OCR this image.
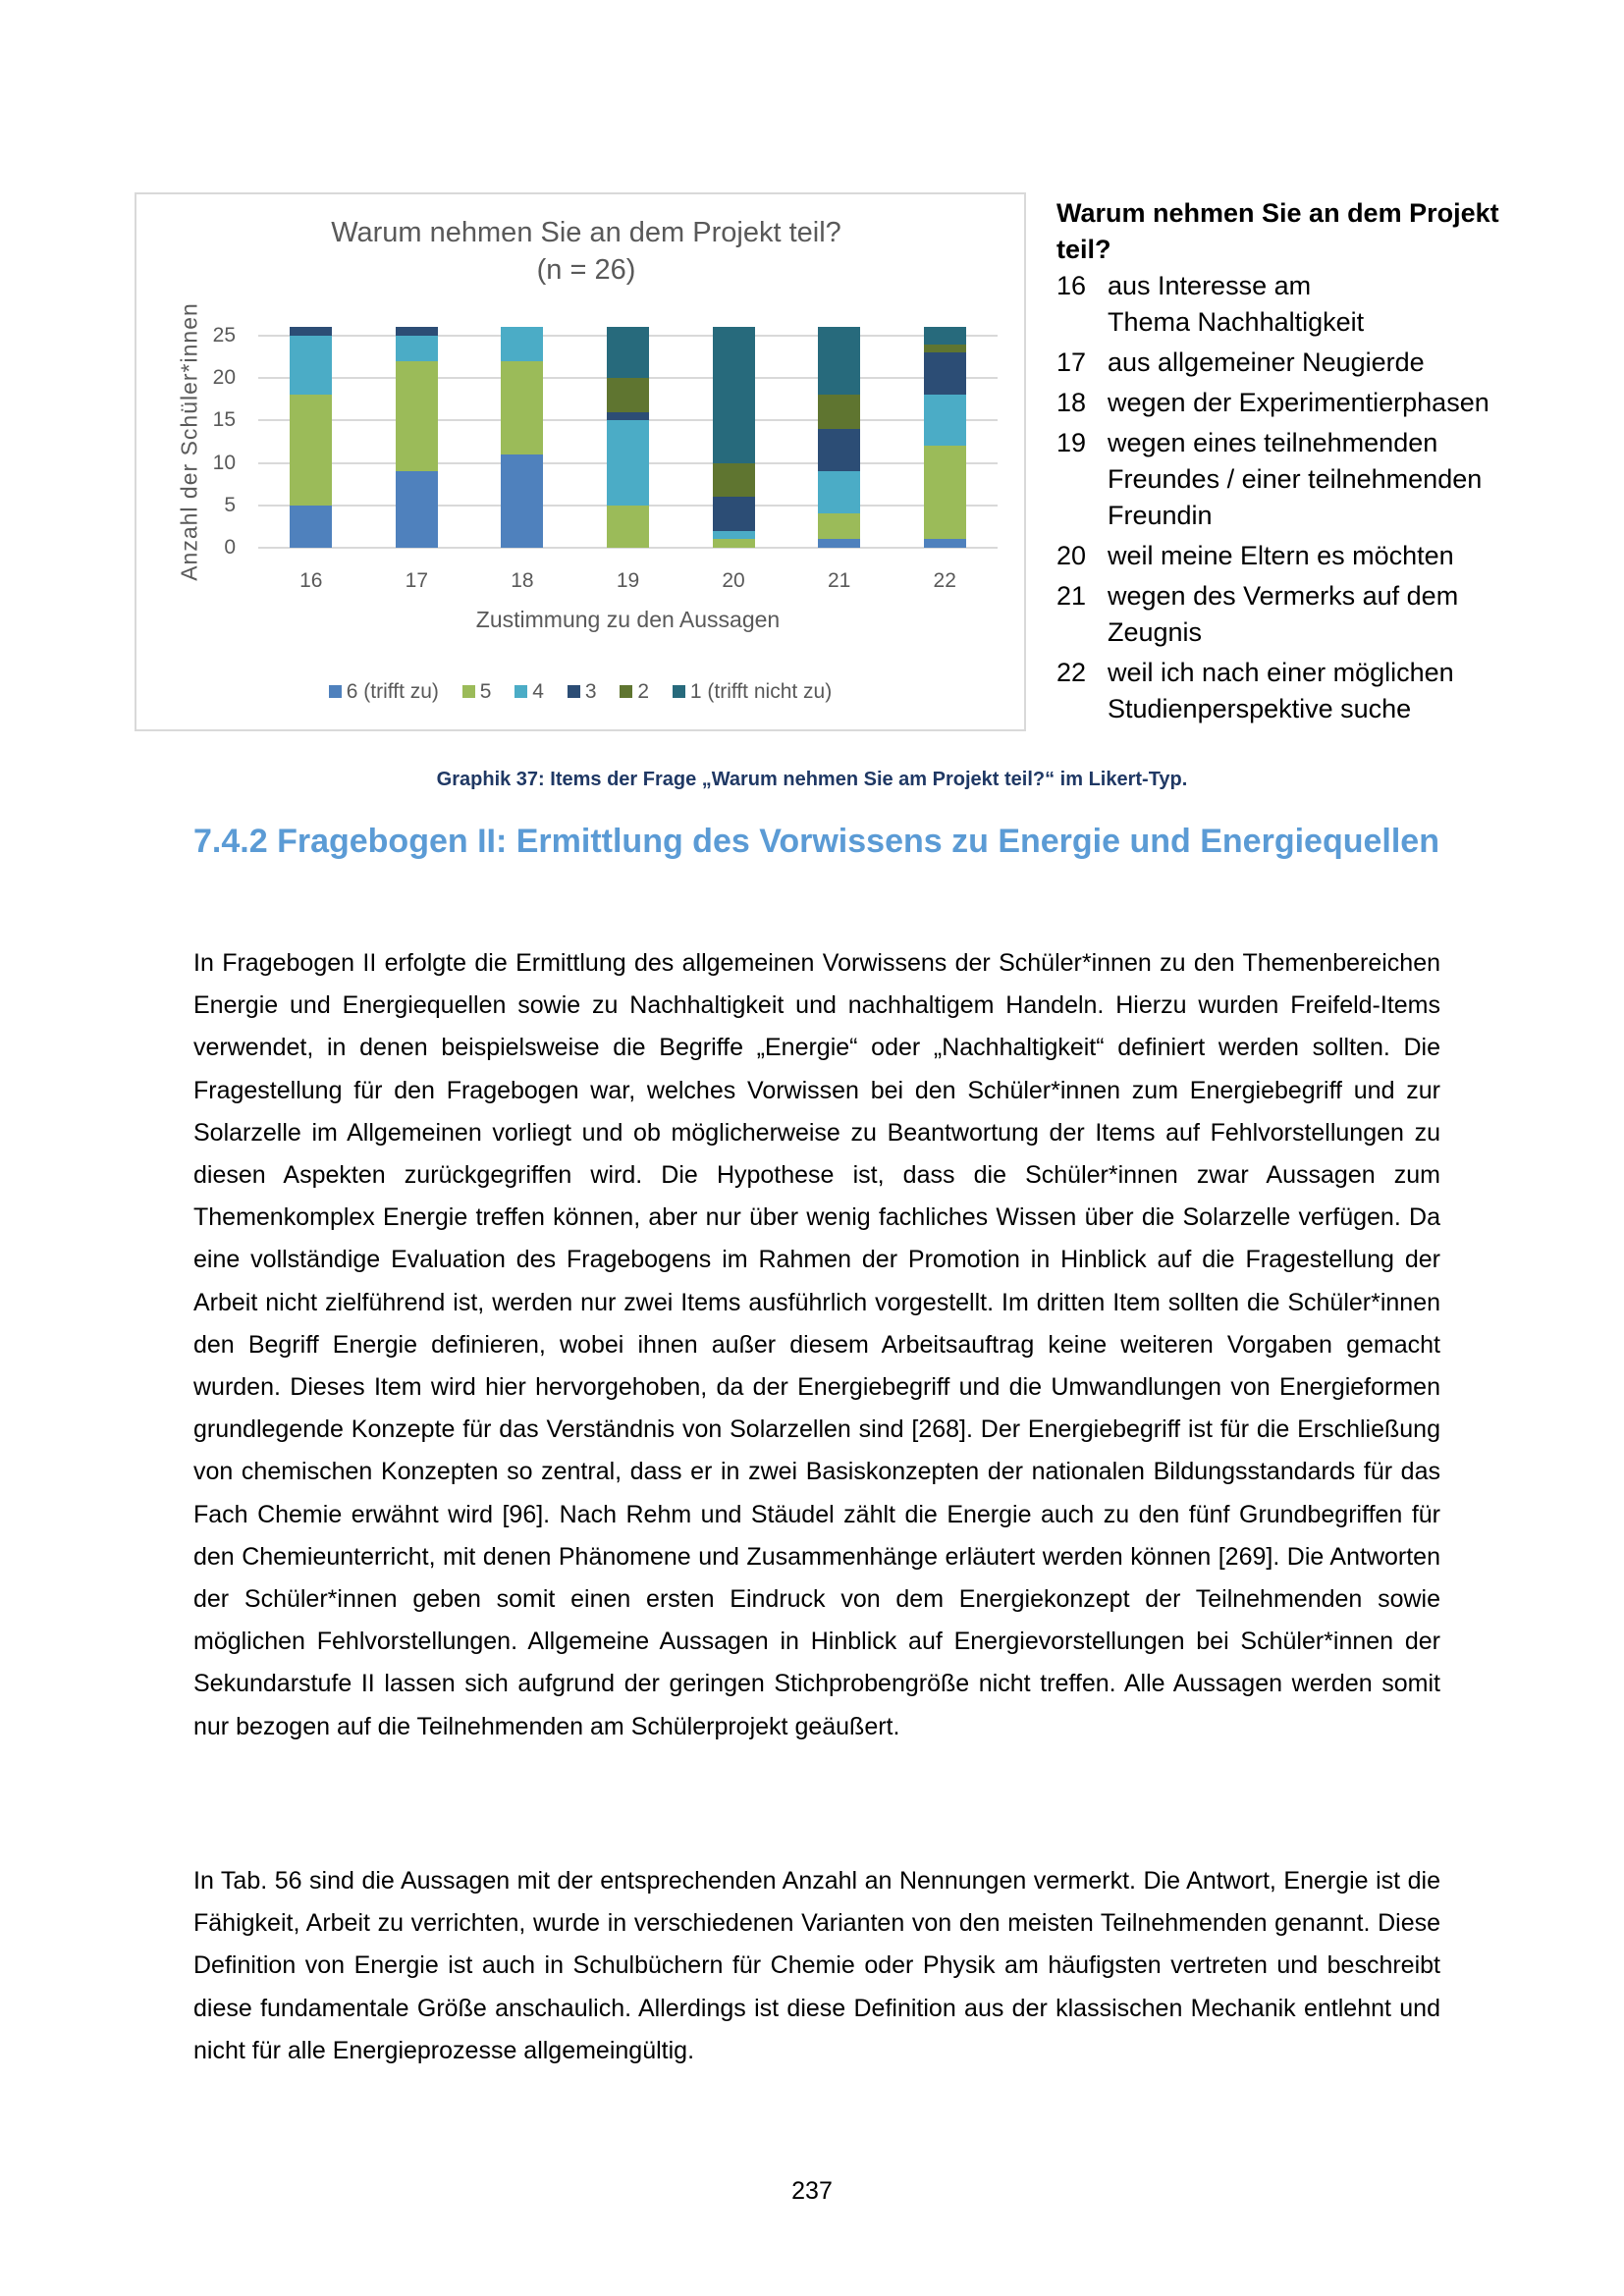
Warum nehmen Sie an dem Projekt teil?
(n = 26)
Anzahl der Schüler*innen	0
5
10
15
20
25
16	17	18	19	20	21	22
Zustimmung zu den Aussagen
6 (trifft zu) 5 4 3 2 1 (trifft nicht zu)
Warum nehmen Sie an dem Projekt teil?
16 aus Interesse am Thema Nachhaltigkeit
17 aus allgemeiner Neugierde
18 wegen der Experimentierphasen
19 wegen eines teilnehmenden Freundes / einer teilnehmenden Freundin
20 weil meine Eltern es möchten
21 wegen des Vermerks auf dem Zeugnis
22 weil ich nach einer möglichen Studienperspektive suche
Graphik 37: Items der Frage „Warum nehmen Sie am Projekt teil?“ im Likert-Typ.
7.4.2 Fragebogen II: Ermittlung des Vorwissens zu Energie und Energiequellen
In Fragebogen II erfolgte die Ermittlung des allgemeinen Vorwissens der Schüler*innen zu den Themenbereichen Energie und Energiequellen sowie zu Nachhaltigkeit und nachhaltigem Handeln. Hierzu wurden Freifeld-Items verwendet, in denen beispielsweise die Begriffe „Energie“ oder „Nachhaltigkeit“ definiert werden sollten. Die Fragestellung für den Fragebogen war, welches Vorwissen bei den Schüler*innen zum Energiebegriff und zur Solarzelle im Allgemeinen vorliegt und ob möglicherweise zu Beantwortung der Items auf Fehlvorstellungen zu diesen Aspekten zurückgegriffen wird. Die Hypothese ist, dass die Schüler*innen zwar Aussagen zum Themenkomplex Energie treffen können, aber nur über wenig fachliches Wissen über die Solarzelle verfügen. Da eine vollständige Evaluation des Fragebogens im Rahmen der Promotion in Hinblick auf die Fragestellung der Arbeit nicht zielführend ist, werden nur zwei Items ausführlich vorgestellt. Im dritten Item sollten die Schüler*innen den Begriff Energie definieren, wobei ihnen außer diesem Arbeitsauftrag keine weiteren Vorgaben gemacht wurden. Dieses Item wird hier hervorgehoben, da der Energiebegriff und die Umwandlungen von Energieformen grundlegende Konzepte für das Verständnis von Solarzellen sind [268]. Der Energiebegriff ist für die Erschließung von chemischen Konzepten so zentral, dass er in zwei Basiskonzepten der nationalen Bildungsstandards für das Fach Chemie erwähnt wird [96]. Nach Rehm und Stäudel zählt die Energie auch zu den fünf Grundbegriffen für den Chemieunterricht, mit denen Phänomene und Zusammenhänge erläutert werden können [269]. Die Antworten der Schüler*innen geben somit einen ersten Eindruck von dem Energiekonzept der Teilnehmenden sowie möglichen Fehlvorstellungen. Allgemeine Aussagen in Hinblick auf Energievorstellungen bei Schüler*innen der Sekundarstufe II lassen sich aufgrund der geringen Stichprobengröße nicht treffen. Alle Aussagen werden somit nur bezogen auf die Teilnehmenden am Schülerprojekt geäußert.
In Tab. 56 sind die Aussagen mit der entsprechenden Anzahl an Nennungen vermerkt. Die Antwort, Energie ist die Fähigkeit, Arbeit zu verrichten, wurde in verschiedenen Varianten von den meisten Teilnehmenden genannt. Diese Definition von Energie ist auch in Schulbüchern für Chemie oder Physik am häufigsten vertreten und beschreibt diese fundamentale Größe anschaulich. Allerdings ist diese Definition aus der klassischen Mechanik entlehnt und nicht für alle Energieprozesse allgemeingültig.
237
